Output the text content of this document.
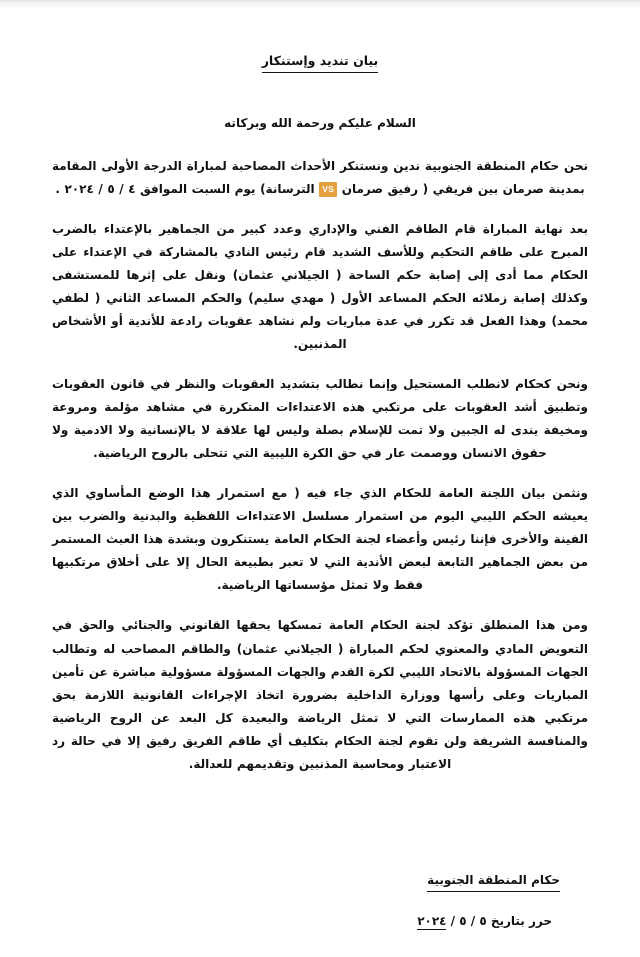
بيان تنديد وإستنكار
السلام عليكم ورحمة الله وبركاته

نحن حكام المنطقة الجنوبية ندين ونستنكر الأحداث المصاحبة لمباراة الدرجة الأولى المقامة بمدينة صرمان بين فريقي ( رفيق صرمان VS الترسانة) يوم السبت الموافق ٤ / ٥ / ٢٠٢٤ .

بعد نهاية المباراة قام الطاقم الفني والإداري وعدد كبير من الجماهير بالإعتداء بالضرب المبرح على طاقم التحكيم وللأسف الشديد قام رئيس النادي بالمشاركة في الإعتداء على الحكام مما أدى إلى إصابة حكم الساحة ( الجيلاني عثمان) ونقل على إثرها للمستشفى وكذلك إصابة زملائه الحكم المساعد الأول ( مهدي سليم) والحكم المساعد الثاني ( لطفي محمد) وهذا الفعل قد تكرر في عدة مباريات ولم نشاهد عقوبات رادعة للأندية أو الأشخاص المذنبين.

ونحن كحكام لانطلب المستحيل وإنما نطالب بتشديد العقوبات والنظر في قانون العقوبات وتطبيق أشد العقوبات على مرتكبي هذه الاعتداءات المتكررة في مشاهد مؤلمة ومروعة ومخيفة يندى له الجبين ولا تمت للإسلام بصلة وليس لها علاقة لا بالإنسانية ولا الادمية ولا حقوق الانسان ووصمت عار في حق الكرة الليبية التي تتحلى بالروح الرياضية.

ونثمن بيان اللجنة العامة للحكام الذي جاء فيه ( مع استمرار هذا الوضع المأساوي الذي يعيشه الحكم الليبي اليوم من استمرار مسلسل الاعتداءات اللفظية والبدنية والضرب بين الفينة والأخرى فإننا رئيس وأعضاء لجنة الحكام العامة يستنكرون وبشدة هذا العبث المستمر من بعض الجماهير التابعة لبعض الأندية التي لا تعبر بطبيعة الحال إلا على أخلاق مرتكبيها فقط ولا تمثل مؤسساتها الرياضية.

ومن هذا المنطلق تؤكد لجنة الحكام العامة تمسكها بحقها القانوني والجنائي والحق في التعويض المادي والمعنوي لحكم المباراة ( الجيلاني عثمان) والطاقم المصاحب له وتطالب الجهات المسؤولة بالاتحاد الليبي لكرة القدم والجهات المسؤولة مسؤولية مباشرة عن تأمين المباريات وعلى رأسها ووزارة الداخلية بضرورة اتخاذ الإجراءات القانونية اللازمة بحق مرتكبي هذه الممارسات التي لا تمثل الرياضة والبعيدة كل البعد عن الروح الرياضية والمنافسة الشريفة ولن تقوم لجنة الحكام بتكليف أي طاقم الفريق رفيق إلا في حالة رد الاعتبار ومحاسبة المذنبين وتقديمهم للعدالة.

حكام المنطقة الجنوبية
حرر بتاريخ ٥ / ٥ / ٢٠٢٤
